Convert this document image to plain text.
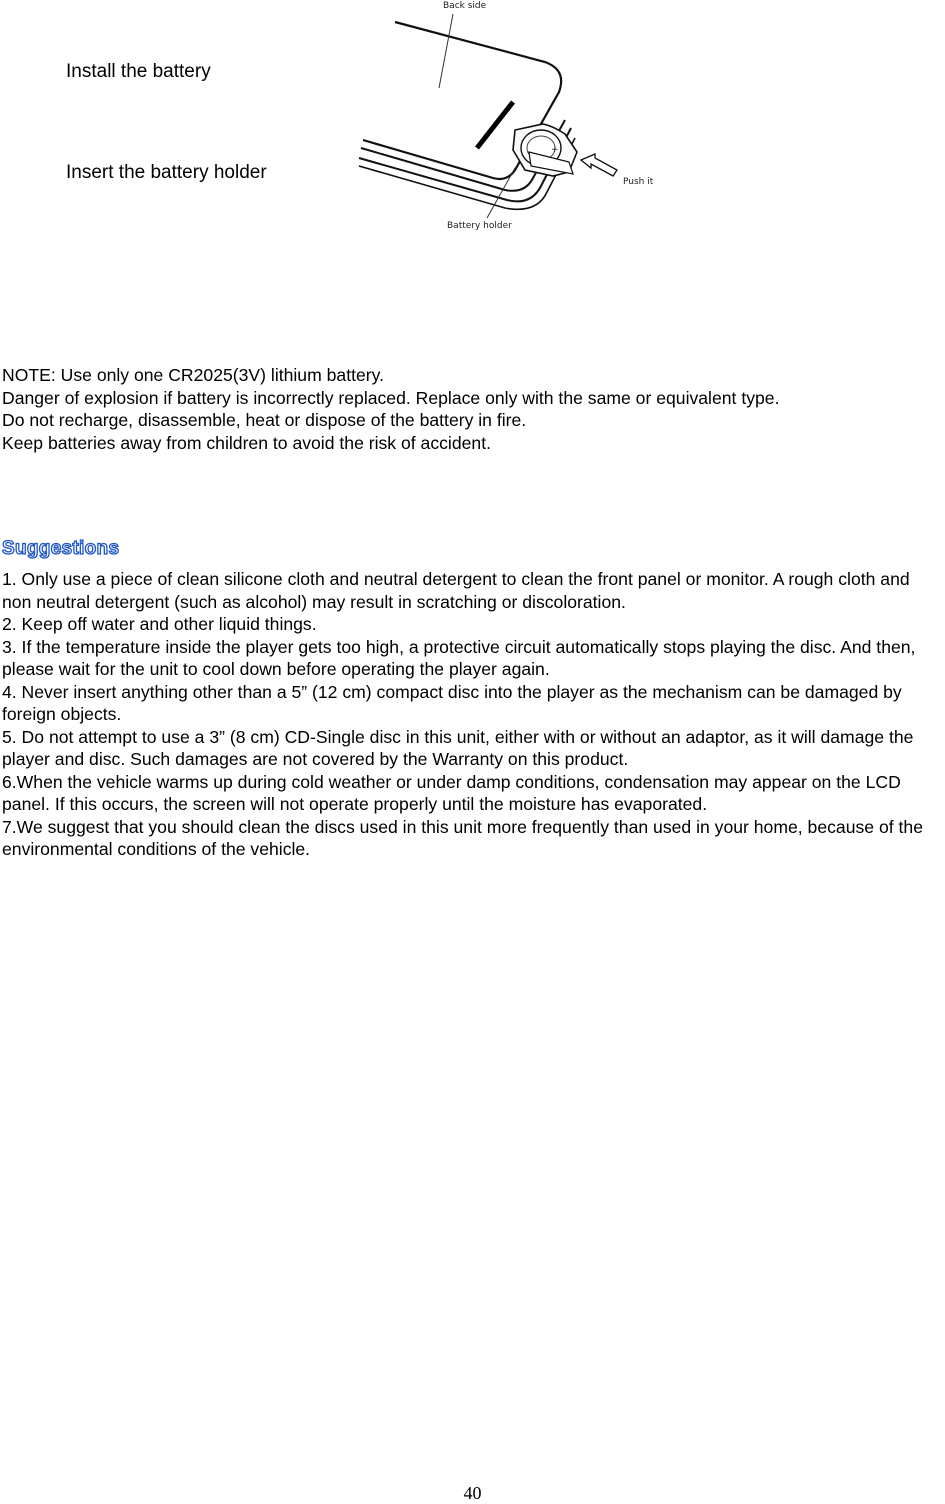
Install the battery
Insert the battery holder
+
Back side
Push it
Battery holder

NOTE: Use only one CR2025(3V) lithium battery.

Danger of explosion if battery is incorrectly replaced. Replace only with the same or equivalent type.

Do not recharge, disassemble, heat or dispose of the battery in fire.

Keep batteries away from children to avoid the risk of accident.

Suggestions

1. Only use a piece of clean silicone cloth and neutral detergent to clean the front panel or monitor. A rough cloth and non neutral detergent (such as alcohol) may result in scratching or discoloration.

2. Keep off water and other liquid things.

3. If the temperature inside the player gets too high, a protective circuit automatically stops playing the disc. And then, please wait for the unit to cool down before operating the player again.

4. Never insert anything other than a 5” (12 cm) compact disc into the player as the mechanism can be damaged by foreign objects.

5. Do not attempt to use a 3” (8 cm) CD-Single disc in this unit, either with or without an adaptor, as it will damage the player and disc. Such damages are not covered by the Warranty on this product.

6.When the vehicle warms up during cold weather or under damp conditions, condensation may appear on the LCD panel. If this occurs, the screen will not operate properly until the moisture has evaporated.

7.We suggest that you should clean the discs used in this unit more frequently than used in your home, because of the environmental conditions of the vehicle.

40
